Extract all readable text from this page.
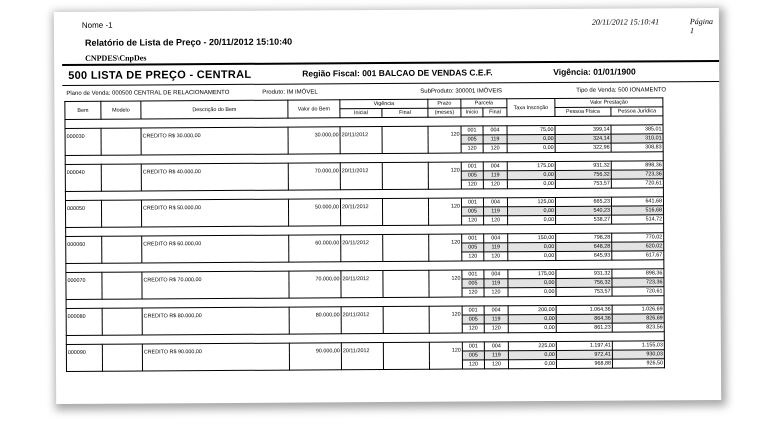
Nome -1	20/11/2012 15:10:41	Página 1
Relatório de Lista de Preço - 20/11/2012 15:10:40
CNPDES\CnpDes
500 LISTA DE PREÇO - CENTRAL	Região Fiscal: 001 BALCAO DE VENDAS C.E.F.	Vigência: 01/01/1900
Plano de Venda: 000500 CENTRAL DE RELACIONAMENTO	Produto: IM IMÓVEL	SubProduto: 300001 IMÓVEIS	Tipo de Venda: 500 IONAMENTO
Bem	Modelo	Descrição do Bem	Valor do Bem	Vigência		Prazo	Parcela		Taxa Inscrição	Valor Prestação	
				Inicial	Final	(meses)	Inicio	Final		Pessoa Física	Pessoa Jurídica

000030		CREDITO R$ 30.000,00	30.000,00	20/11/2012		120	001	004	75,00	399,14	385,01
							005	119	0,00	324,14	310,01
							120	120	0,00	322,96	308,83

000040		CREDITO R$ 40.000,00	70.000,00	20/11/2012		120	001	004	175,00	931,32	898,36
							005	119	0,00	756,32	723,36
							120	120	0,00	753,57	720,61

000050		CREDITO R$ 50.000,00	50.000,00	20/11/2012		120	001	004	125,00	665,23	641,68
							005	119	0,00	540,23	516,68
							120	120	0,00	538,27	514,72

000060		CREDITO R$ 60.000,00	60.000,00	20/11/2012		120	001	004	150,00	798,28	770,02
							005	119	0,00	648,28	620,02
							120	120	0,00	645,93	617,67

000070		CREDITO R$ 70.000,00	70.000,00	20/11/2012		120	001	004	175,00	931,32	898,36
							005	119	0,00	756,32	723,36
							120	120	0,00	753,57	720,61

000080		CREDITO R$ 80.000,00	80.000,00	20/11/2012		120	001	004	200,00	1.064,36	1.026,69
							005	119	0,00	864,36	826,69
							120	120	0,00	861,23	823,56

000090		CREDITO R$ 90.000,00	90.000,00	20/11/2012		120	001	004	225,00	1.197,41	1.155,03
							005	119	0,00	972,41	930,03
							120	120	0,00	968,88	926,50
